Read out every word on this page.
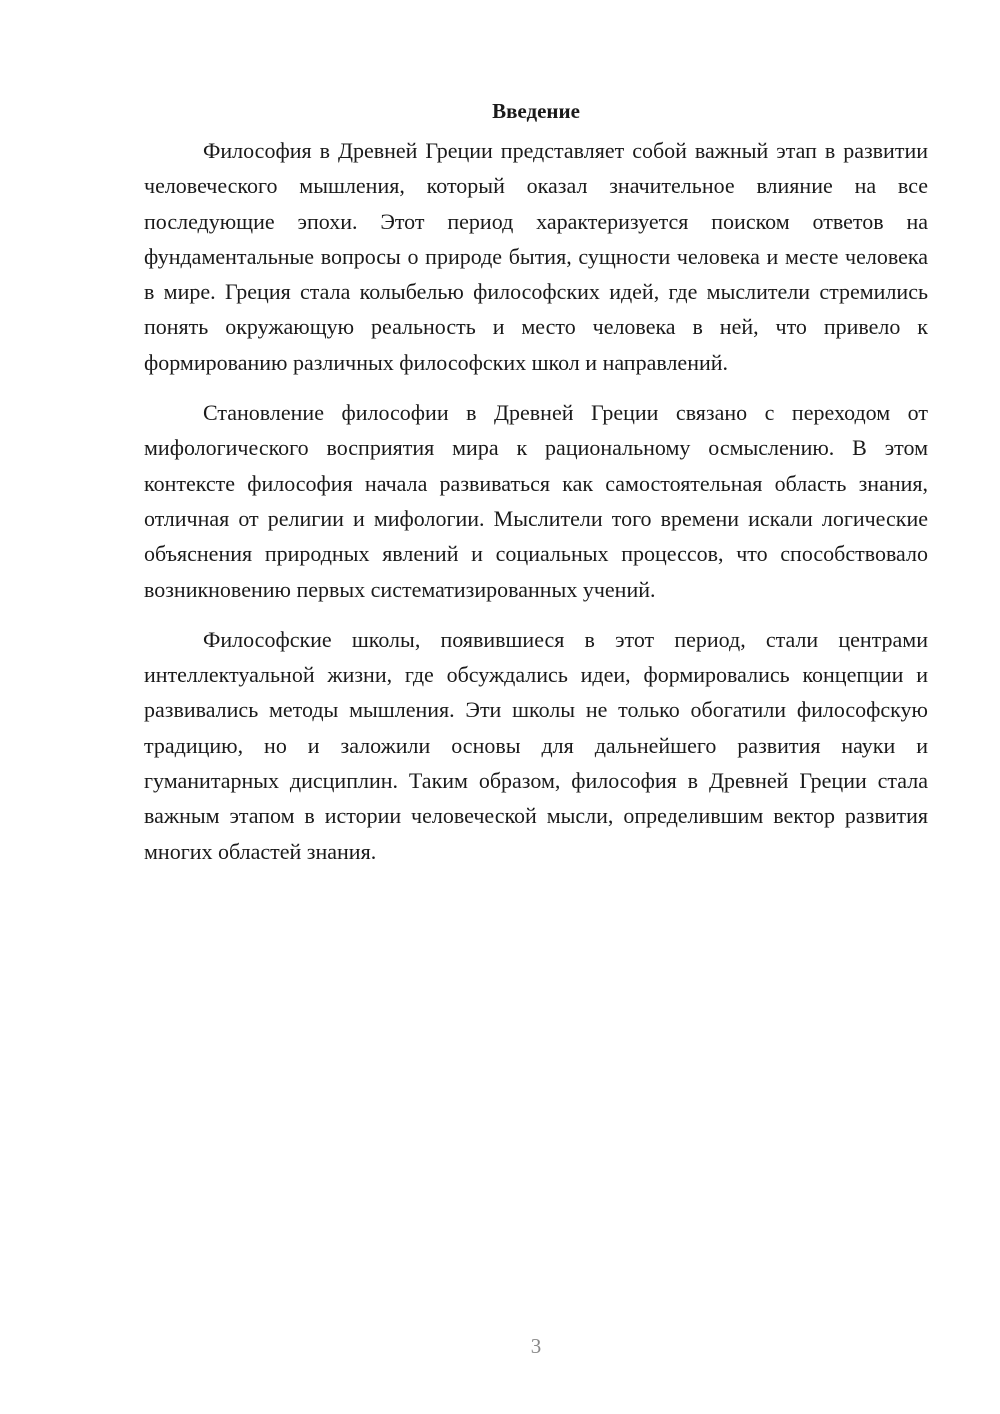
Введение

Философия в Древней Греции представляет собой важный этап в развитии человеческого мышления, который оказал значительное влияние на все последующие эпохи. Этот период характеризуется поиском ответов на фундаментальные вопросы о природе бытия, сущности человека и месте человека в мире. Греция стала колыбелью философских идей, где мыслители стремились понять окружающую реальность и место человека в ней, что привело к формированию различных философских школ и направлений.

Становление философии в Древней Греции связано с переходом от мифологического восприятия мира к рациональному осмыслению. В этом контексте философия начала развиваться как самостоятельная область знания, отличная от религии и мифологии. Мыслители того времени искали логические объяснения природных явлений и социальных процессов, что способствовало возникновению первых систематизированных учений.

Философские школы, появившиеся в этот период, стали центрами интеллектуальной жизни, где обсуждались идеи, формировались концепции и развивались методы мышления. Эти школы не только обогатили философскую традицию, но и заложили основы для дальнейшего развития науки и гуманитарных дисциплин. Таким образом, философия в Древней Греции стала важным этапом в истории человеческой мысли, определившим вектор развития многих областей знания.

3
